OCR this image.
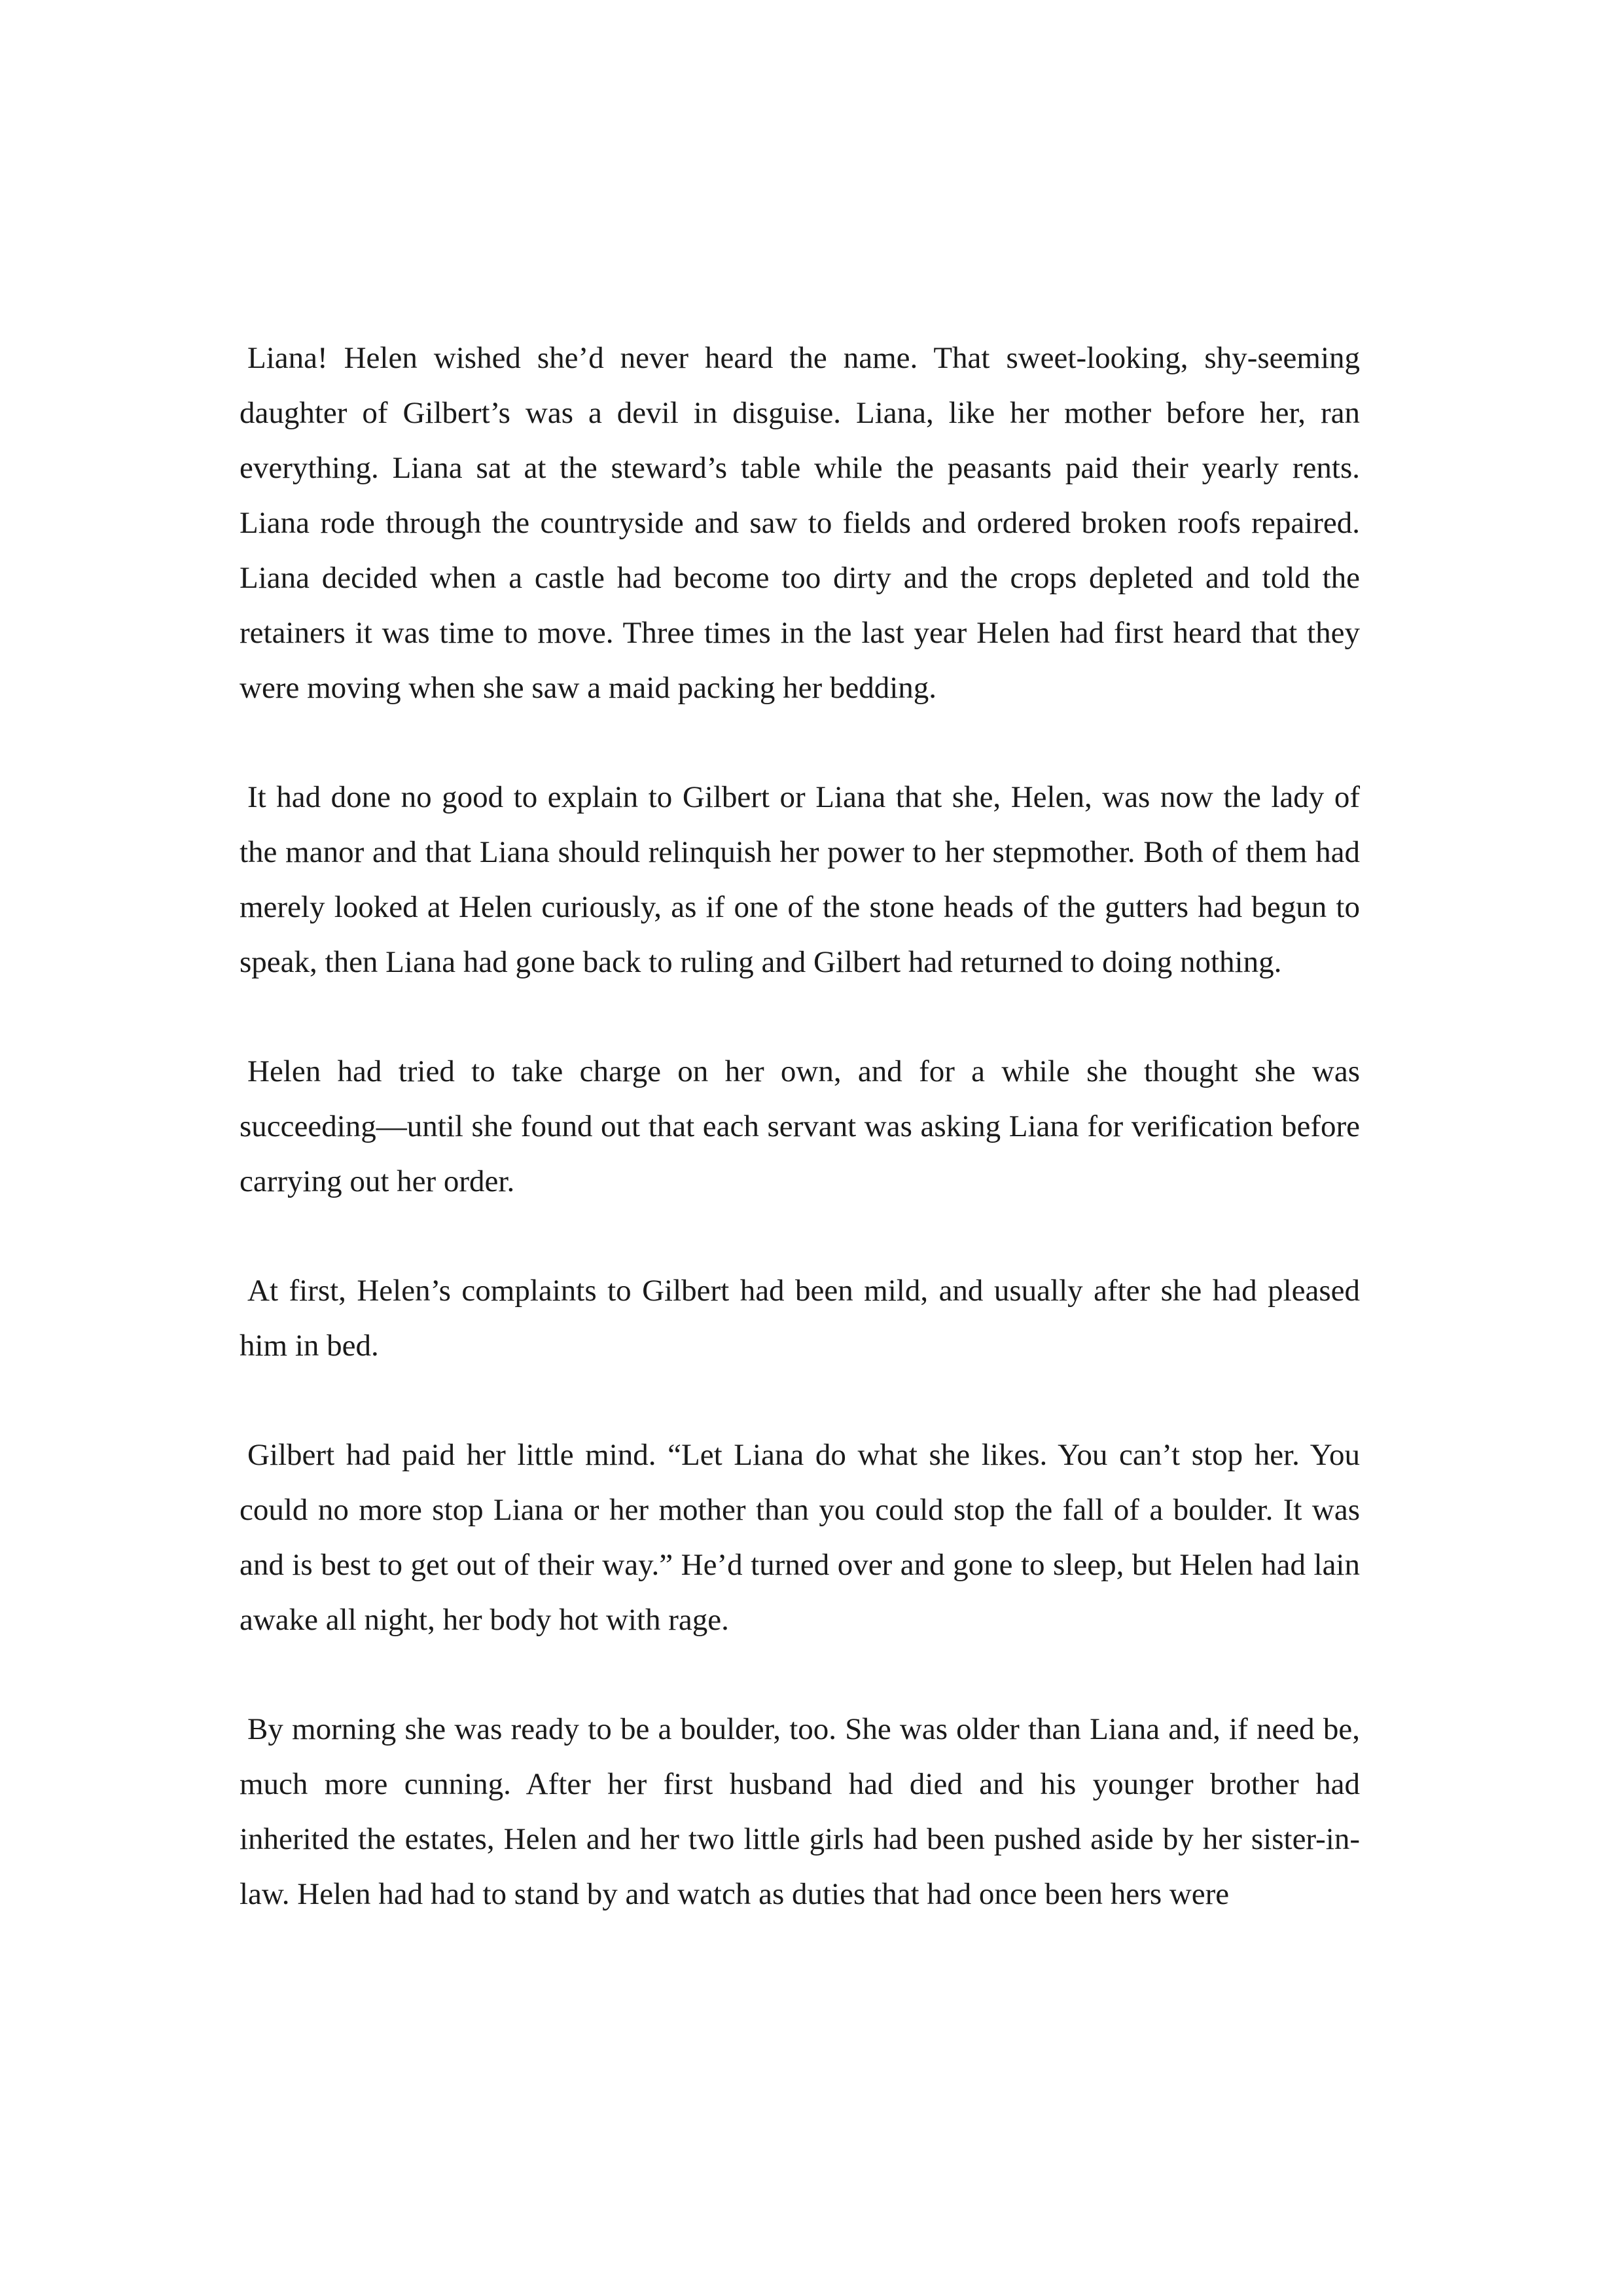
Liana! Helen wished she’d never heard the name. That sweet-looking, shy-seeming daughter of Gilbert’s was a devil in disguise. Liana, like her mother before her, ran everything. Liana sat at the steward’s table while the peasants paid their yearly rents. Liana rode through the countryside and saw to fields and ordered broken roofs repaired. Liana decided when a castle had become too dirty and the crops depleted and told the retainers it was time to move. Three times in the last year Helen had first heard that they were moving when she saw a maid packing her bedding.

It had done no good to explain to Gilbert or Liana that she, Helen, was now the lady of the manor and that Liana should relinquish her power to her stepmother. Both of them had merely looked at Helen curiously, as if one of the stone heads of the gutters had begun to speak, then Liana had gone back to ruling and Gilbert had returned to doing nothing.

Helen had tried to take charge on her own, and for a while she thought she was succeeding—until she found out that each servant was asking Liana for verification before carrying out her order.

At first, Helen’s complaints to Gilbert had been mild, and usually after she had pleased him in bed.

Gilbert had paid her little mind. “Let Liana do what she likes. You can’t stop her. You could no more stop Liana or her mother than you could stop the fall of a boulder. It was and is best to get out of their way.” He’d turned over and gone to sleep, but Helen had lain awake all night, her body hot with rage.

By morning she was ready to be a boulder, too. She was older than Liana and, if need be, much more cunning. After her first husband had died and his younger brother had inherited the estates, Helen and her two little girls had been pushed aside by her sister-in-law. Helen had had to stand by and watch as duties that had once been hers were
